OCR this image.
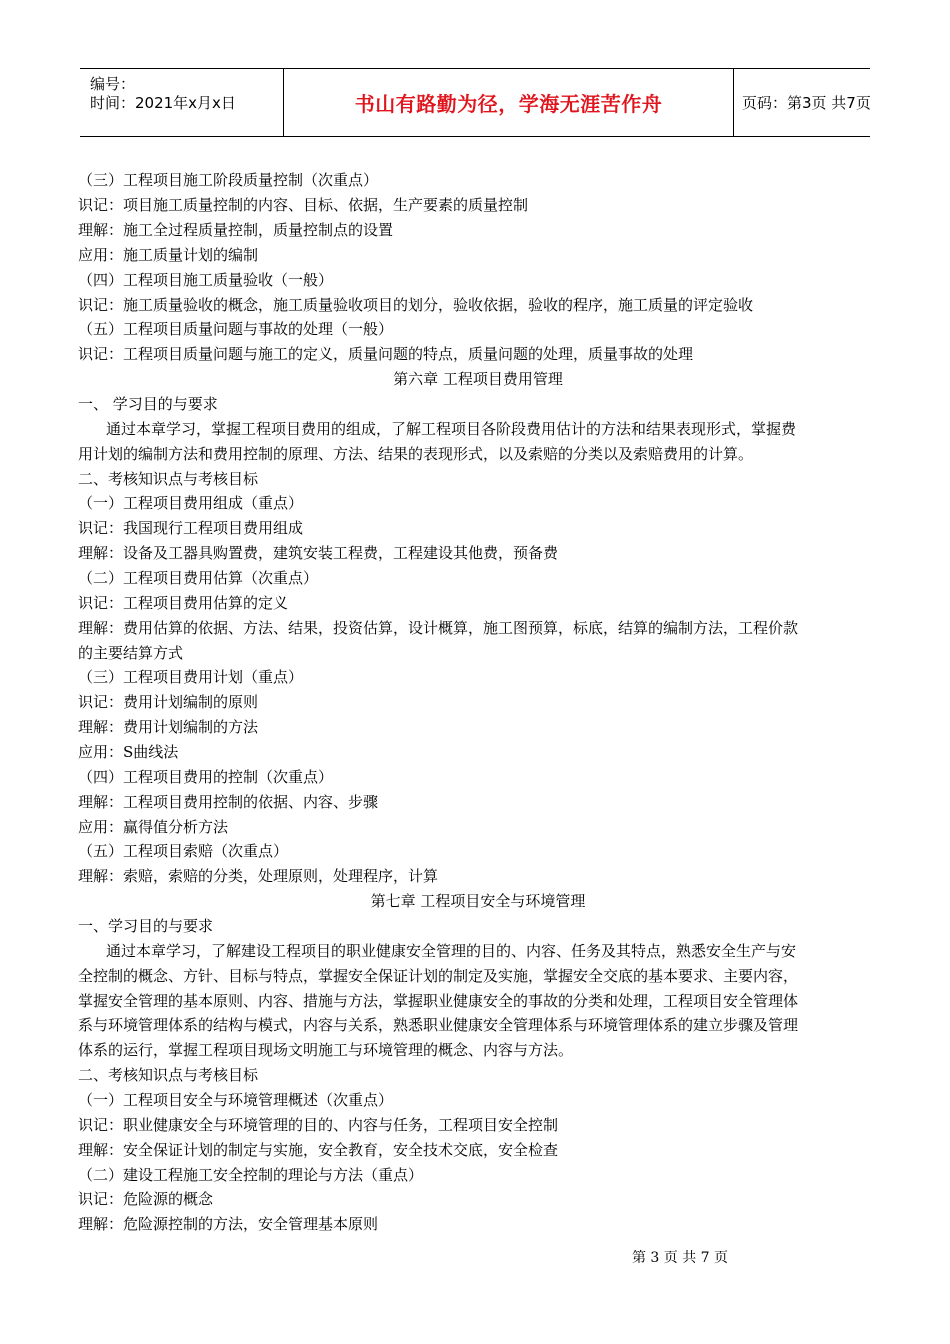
编号：
时间：2021年x月x日	书山有路勤为径，学海无涯苦作舟	页码：第3页 共7页
（三）工程项目施工阶段质量控制（次重点）
识记：项目施工质量控制的内容、目标、依据，生产要素的质量控制
理解：施工全过程质量控制，质量控制点的设置
应用：施工质量计划的编制
（四）工程项目施工质量验收（一般）
识记：施工质量验收的概念，施工质量验收项目的划分，验收依据，验收的程序，施工质量的评定验收
（五）工程项目质量问题与事故的处理（一般）
识记：工程项目质量问题与施工的定义，质量问题的特点，质量问题的处理，质量事故的处理
第六章 工程项目费用管理
一、 学习目的与要求
通过本章学习，掌握工程项目费用的组成，了解工程项目各阶段费用估计的方法和结果表现形式，掌握费
用计划的编制方法和费用控制的原理、方法、结果的表现形式，以及索赔的分类以及索赔费用的计算。
二、考核知识点与考核目标
（一）工程项目费用组成（重点）
识记：我国现行工程项目费用组成
理解：设备及工器具购置费，建筑安装工程费，工程建设其他费，预备费
（二）工程项目费用估算（次重点）
识记：工程项目费用估算的定义
理解：费用估算的依据、方法、结果，投资估算，设计概算，施工图预算，标底，结算的编制方法，工程价款
的主要结算方式
（三）工程项目费用计划（重点）
识记：费用计划编制的原则
理解：费用计划编制的方法
应用：S曲线法
（四）工程项目费用的控制（次重点）
理解：工程项目费用控制的依据、内容、步骤
应用：赢得值分析方法
（五）工程项目索赔（次重点）
理解：索赔，索赔的分类，处理原则，处理程序，计算
第七章 工程项目安全与环境管理
一、学习目的与要求
通过本章学习，了解建设工程项目的职业健康安全管理的目的、内容、任务及其特点，熟悉安全生产与安
全控制的概念、方针、目标与特点，掌握安全保证计划的制定及实施，掌握安全交底的基本要求、主要内容，
掌握安全管理的基本原则、内容、措施与方法，掌握职业健康安全的事故的分类和处理，工程项目安全管理体
系与环境管理体系的结构与模式，内容与关系，熟悉职业健康安全管理体系与环境管理体系的建立步骤及管理
体系的运行，掌握工程项目现场文明施工与环境管理的概念、内容与方法。
二、考核知识点与考核目标
（一）工程项目安全与环境管理概述（次重点）
识记：职业健康安全与环境管理的目的、内容与任务，工程项目安全控制
理解：安全保证计划的制定与实施，安全教育，安全技术交底，安全检查
（二）建设工程施工安全控制的理论与方法（重点）
识记：危险源的概念
理解：危险源控制的方法，安全管理基本原则
第 3 页 共 7 页
